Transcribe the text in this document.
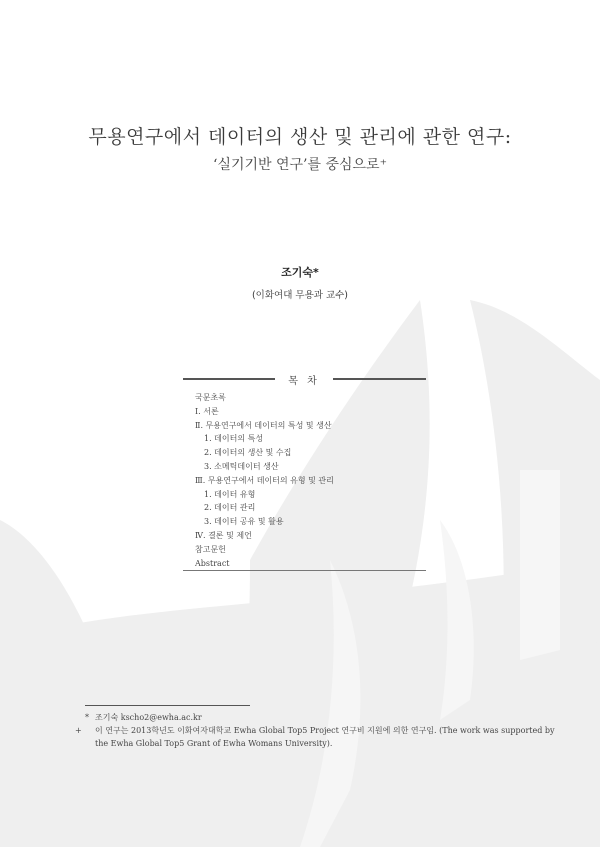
무용연구에서 데이터의 생산 및 관리에 관한 연구:
‘실기기반 연구’를 중심으로⁺
조기숙*
(이화여대 무용과 교수)
목 차
국문초록
Ⅰ. 서론
Ⅱ. 무용연구에서 데이터의 특성 및 생산
1. 데이터의 특성
2. 데이터의 생산 및 수집
3. 소메틱데이터 생산
Ⅲ. 무용연구에서 데이터의 유형 및 관리
1. 데이터 유형
2. 데이터 관리
3. 데이터 공유 및 활용
Ⅳ. 결론 및 제언
참고문헌
Abstract
* 조기숙 kscho2@ewha.ac.kr
+ 이 연구는 2013학년도 이화여자대학교 Ewha Global Top5 Project 연구비 지원에 의한 연구임. (The work was supported by the Ewha Global Top5 Grant of Ewha Womans University).
